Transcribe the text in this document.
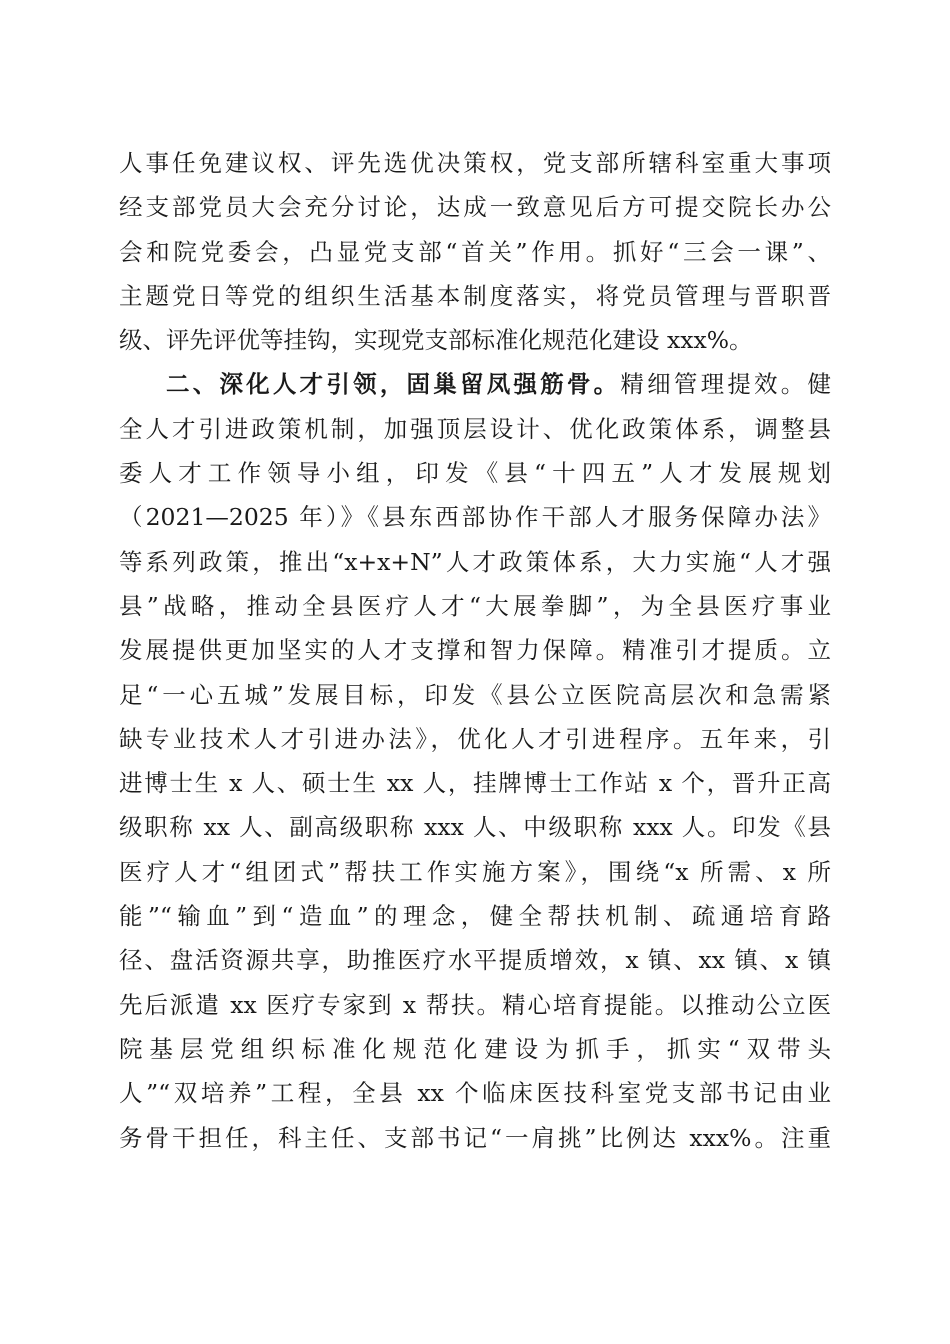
人事任免建议权、评先选优决策权，党支部所辖科室重大事项
经支部党员大会充分讨论，达成一致意见后方可提交院长办公
会和院党委会，凸显党支部“首关”作用。抓好“三会一课”、
主题党日等党的组织生活基本制度落实，将党员管理与晋职晋
级、评先评优等挂钩，实现党支部标准化规范化建设 xxx%。
二、深化人才引领，固巢留凤强筋骨。精细管理提效。健
全人才引进政策机制，加强顶层设计、优化政策体系，调整县
委人才工作领导小组，印发《县“十四五”人才发展规划
（2021—2025 年）》《县东西部协作干部人才服务保障办法》
等系列政策，推出“x+x+N”人才政策体系，大力实施“人才强
县”战略，推动全县医疗人才“大展拳脚”，为全县医疗事业
发展提供更加坚实的人才支撑和智力保障。精准引才提质。立
足“一心五城”发展目标，印发《县公立医院高层次和急需紧
缺专业技术人才引进办法》，优化人才引进程序。五年来，引
进博士生 x 人、硕士生 xx 人，挂牌博士工作站 x 个，晋升正高
级职称 xx 人、副高级职称 xxx 人、中级职称 xxx 人。印发《县
医疗人才“组团式”帮扶工作实施方案》，围绕“x 所需、x 所
能”“输血”到“造血”的理念，健全帮扶机制、疏通培育路
径、盘活资源共享，助推医疗水平提质增效，x 镇、xx 镇、x 镇
先后派遣 xx 医疗专家到 x 帮扶。精心培育提能。以推动公立医
院基层党组织标准化规范化建设为抓手，抓实“双带头
人”“双培养”工程，全县 xx 个临床医技科室党支部书记由业
务骨干担任，科主任、支部书记“一肩挑”比例达 xxx%。注重
